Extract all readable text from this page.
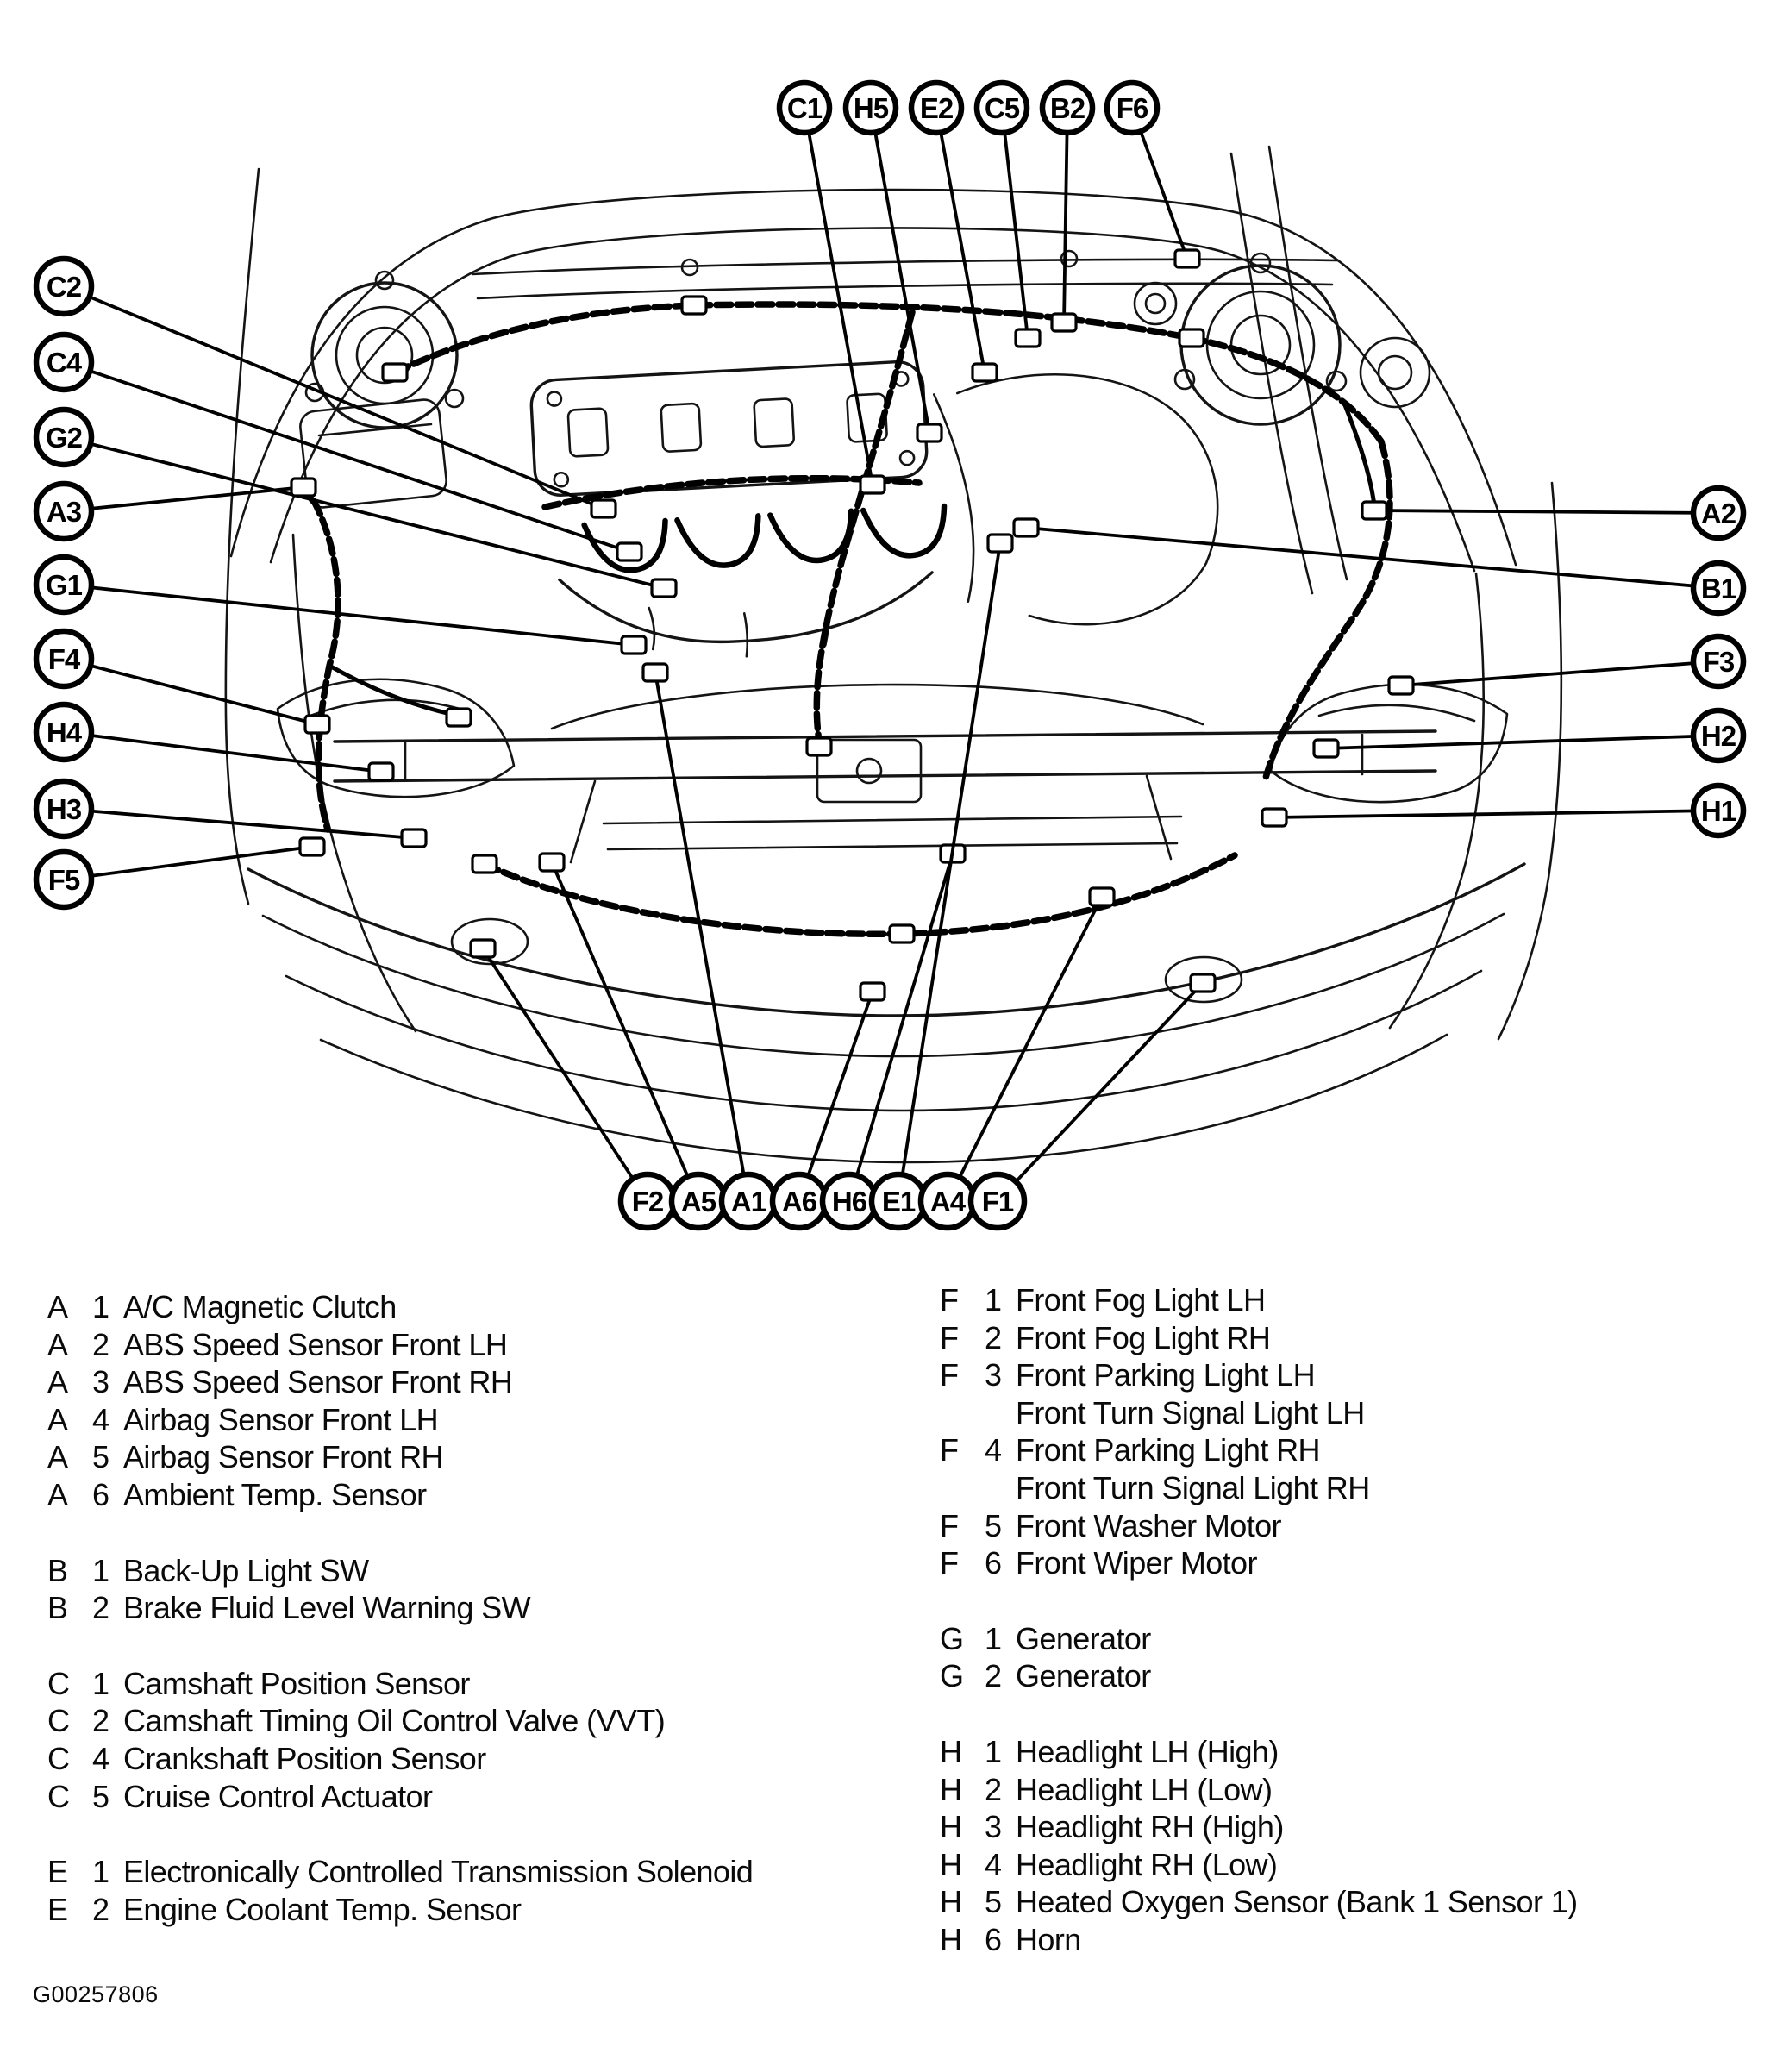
C1 H5 E2 C5 B2 F6
C2
C4
G2
A3
G1
F4
H4
H3
F5
A2
B1
F3
H2
H1
F2 A5 A1 A6 H6 E1 A4 F1
A 1 A/C Magnetic Clutch
A 2 ABS Speed Sensor Front LH
A 3 ABS Speed Sensor Front RH
A 4 Airbag Sensor Front LH
A 5 Airbag Sensor Front RH
A 6 Ambient Temp. Sensor
B 1 Back-Up Light SW
B 2 Brake Fluid Level Warning SW
C 1 Camshaft Position Sensor
C 2 Camshaft Timing Oil Control Valve (VVT)
C 4 Crankshaft Position Sensor
C 5 Cruise Control Actuator
E 1 Electronically Controlled Transmission Solenoid
E 2 Engine Coolant Temp. Sensor
F 1 Front Fog Light LH
F 2 Front Fog Light RH
F 3 Front Parking Light LH
Front Turn Signal Light LH
F 4 Front Parking Light RH
Front Turn Signal Light RH
F 5 Front Washer Motor
F 6 Front Wiper Motor
G 1 Generator
G 2 Generator
H 1 Headlight LH (High)
H 2 Headlight LH (Low)
H 3 Headlight RH (High)
H 4 Headlight RH (Low)
H 5 Heated Oxygen Sensor (Bank 1 Sensor 1)
H 6 Horn
G00257806
